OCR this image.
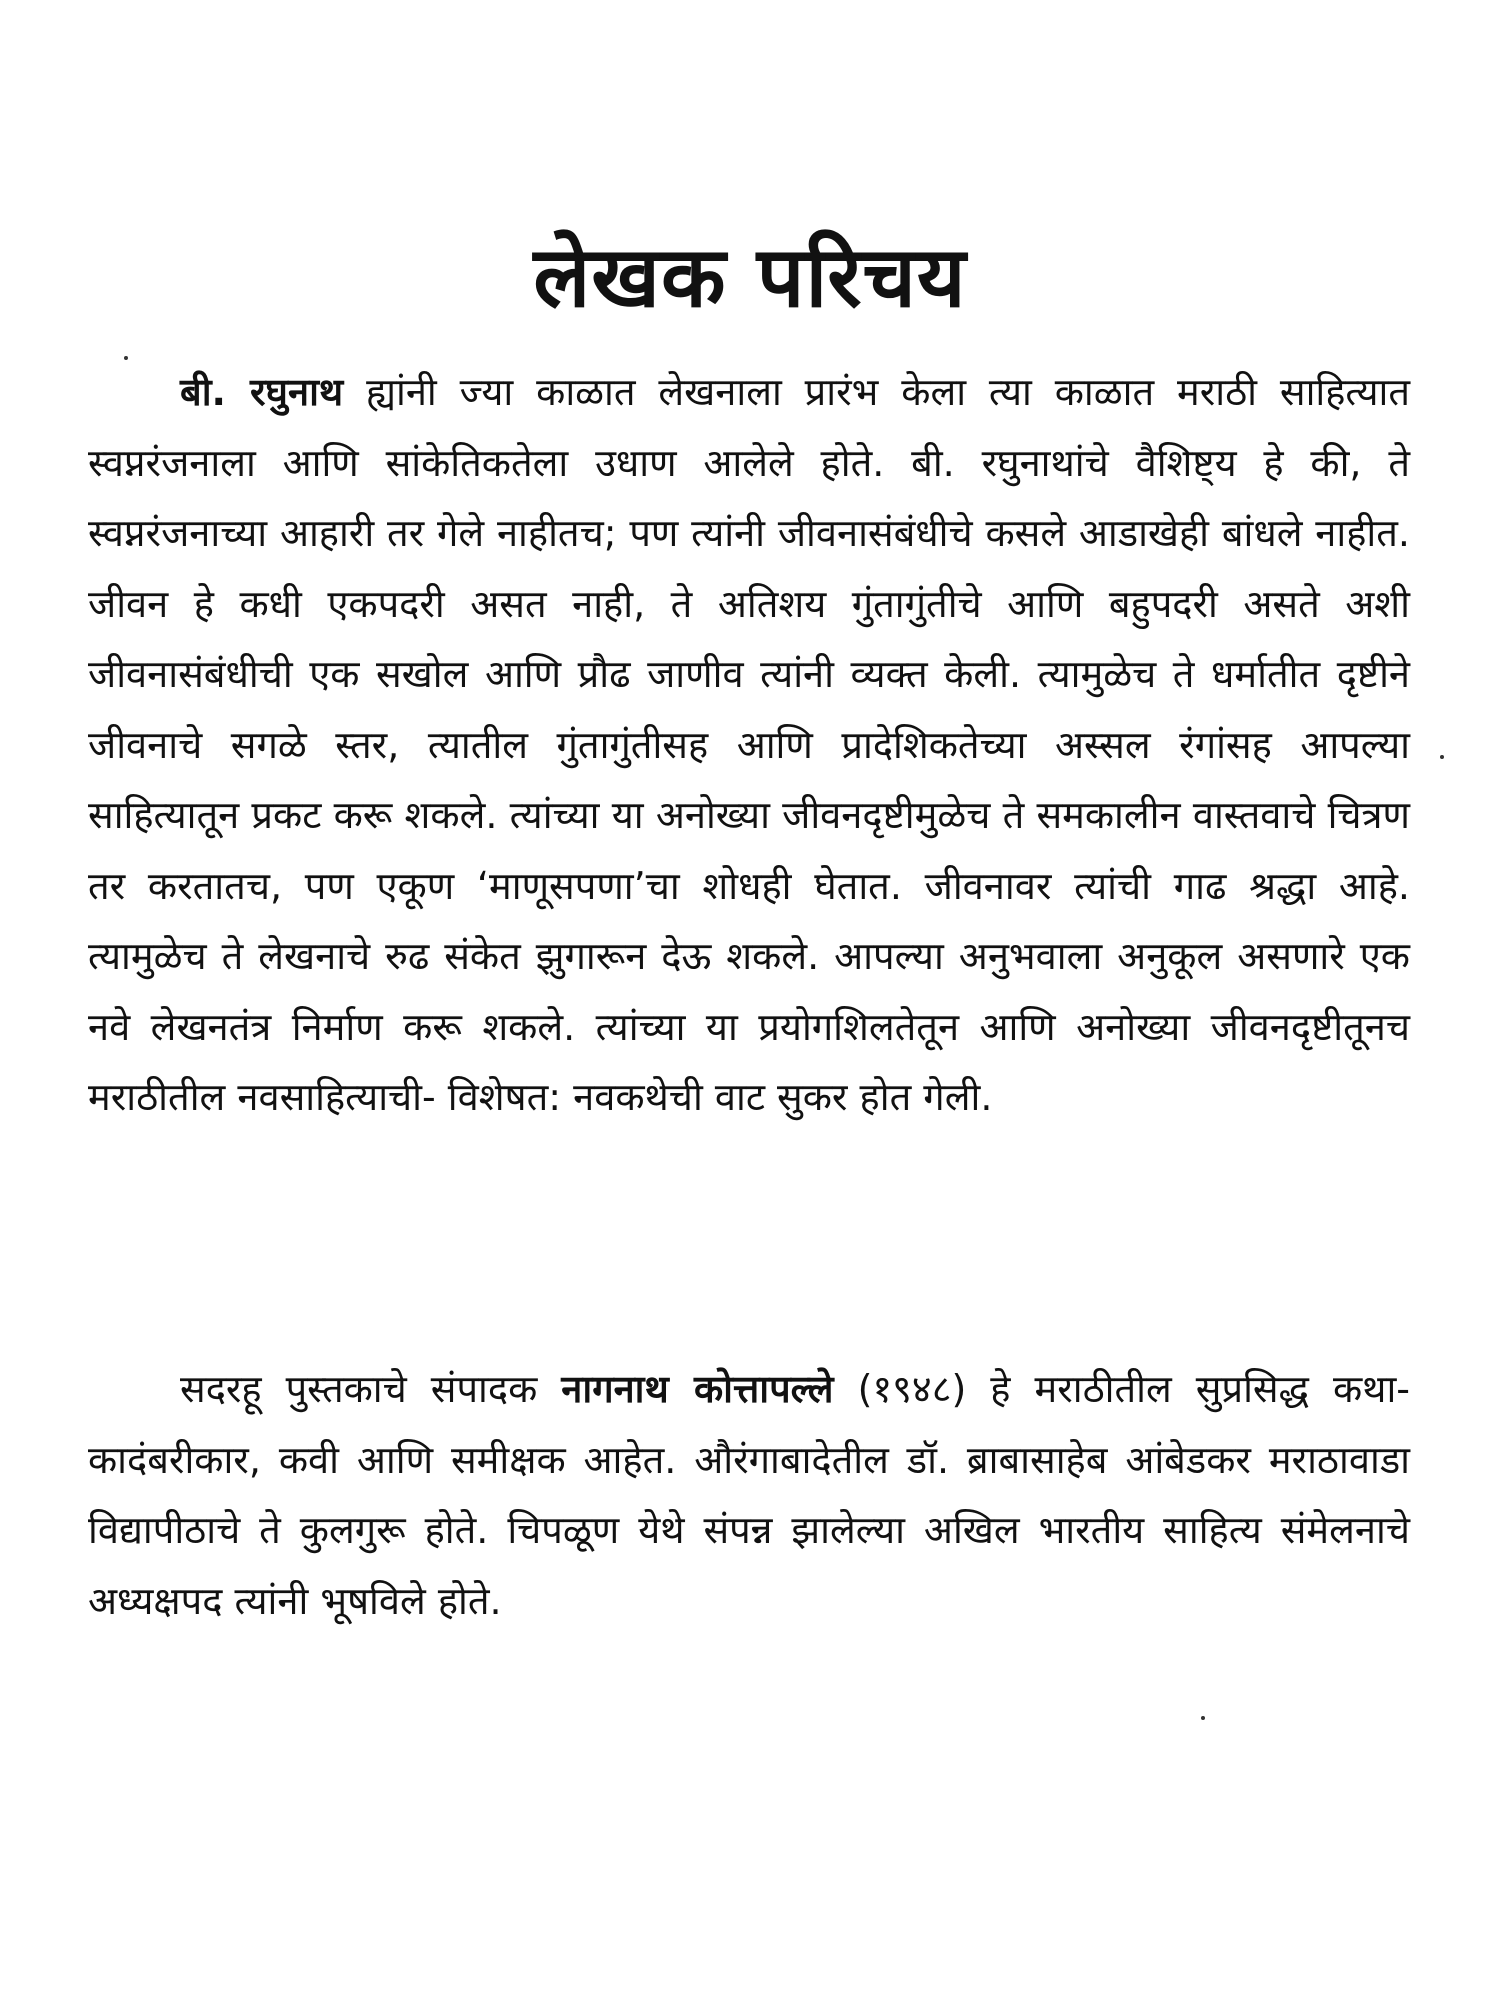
लेखक परिचय

बी. रघुनाथ ह्यांनी ज्या काळात लेखनाला प्रारंभ केला त्या काळात मराठी साहित्यात स्वप्नरंजनाला आणि सांकेतिकतेला उधाण आलेले होते. बी. रघुनाथांचे वैशिष्ट्य हे की, ते स्वप्नरंजनाच्या आहारी तर गेले नाहीतच; पण त्यांनी जीवनासंबंधीचे कसले आडाखेही बांधले नाहीत. जीवन हे कधी एकपदरी असत नाही, ते अतिशय गुंतागुंतीचे आणि बहुपदरी असते अशी जीवनासंबंधीची एक सखोल आणि प्रौढ जाणीव त्यांनी व्यक्त केली. त्यामुळेच ते धर्मातीत दृष्टीने जीवनाचे सगळे स्तर, त्यातील गुंतागुंतीसह आणि प्रादेशिकतेच्या अस्सल रंगांसह आपल्या साहित्यातून प्रकट करू शकले. त्यांच्या या अनोख्या जीवनदृष्टीमुळेच ते समकालीन वास्तवाचे चित्रण तर करतातच, पण एकूण ‘माणूसपणा’चा शोधही घेतात. जीवनावर त्यांची गाढ श्रद्धा आहे. त्यामुळेच ते लेखनाचे रुढ संकेत झुगारून देऊ शकले. आपल्या अनुभवाला अनुकूल असणारे एक नवे लेखनतंत्र निर्माण करू शकले. त्यांच्या या प्रयोगशिलतेतून आणि अनोख्या जीवनदृष्टीतूनच मराठीतील नवसाहित्याची- विशेषत: नवकथेची वाट सुकर होत गेली.

सदरहू पुस्तकाचे संपादक नागनाथ कोत्तापल्ले (१९४८) हे मराठीतील सुप्रसिद्ध कथा-कादंबरीकार, कवी आणि समीक्षक आहेत. औरंगाबादेतील डॉ. ब्राबासाहेब आंबेडकर मराठावाडा विद्यापीठाचे ते कुलगुरू होते. चिपळूण येथे संपन्न झालेल्या अखिल भारतीय साहित्य संमेलनाचे अध्यक्षपद त्यांनी भूषविले होते.
